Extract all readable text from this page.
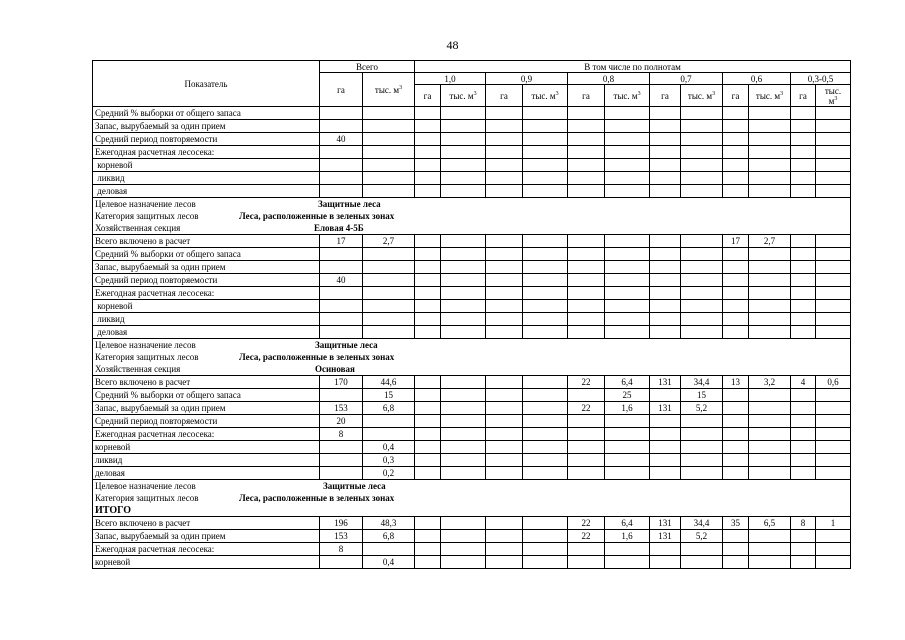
48
Показатель	Всего		В том числе по полнотам											
	га	тыс. $м^3$	1,0		0,9		0,8		0,7		0,6		0,3-0,5	
			га	тыс. $м^3$	га	тыс. $м^3$	га	тыс. $м^3$	га	тыс. $м^3$	га	тыс. $м^3$	га	тыс.
$м^3$
Средний % выборки от общего запаса														
Запас, вырубаемый за один прием														
Средний период повторяемости	40													
Ежегодная расчетная лесосека:														
корневой														
ликвид														
деловая														
Целевое назначение лесов Защитные леса														

Категория защитных лесов Леса, расположенные в зеленых зонах														

Хозяйственная секция Еловая 4-5Б														

Всего включено в расчет	17	2,7									17	2,7		
Средний % выборки от общего запаса														
Запас, вырубаемый за один прием														
Средний период повторяемости	40													
Ежегодная расчетная лесосека:														
корневой														
ликвид														
деловая														
Целевое назначение лесов Защитные леса														

Категория защитных лесов Леса, расположенные в зеленых зонах														

Хозяйственная секция Осиновая														

Всего включено в расчет	170	44,6					22	6,4	131	34,4	13	3,2	4	0,6
Средний % выборки от общего запаса		15						25		15				
Запас, вырубаемый за один прием	153	6,8					22	1,6	131	5,2				
Средний период повторяемости	20													
Ежегодная расчетная лесосека:	8													
корневой		0,4												
ликвид		0,3												
деловая		0,2												
Целевое назначение лесов Защитные леса														

Категория защитных лесов Леса, расположенные в зеленых зонах														

ИТОГО														
Всего включено в расчет	196	48,3					22	6,4	131	34,4	35	6,5	8	1
Запас, вырубаемый за один прием	153	6,8					22	1,6	131	5,2				
Ежегодная расчетная лесосека:	8													
корневой		0,4												
